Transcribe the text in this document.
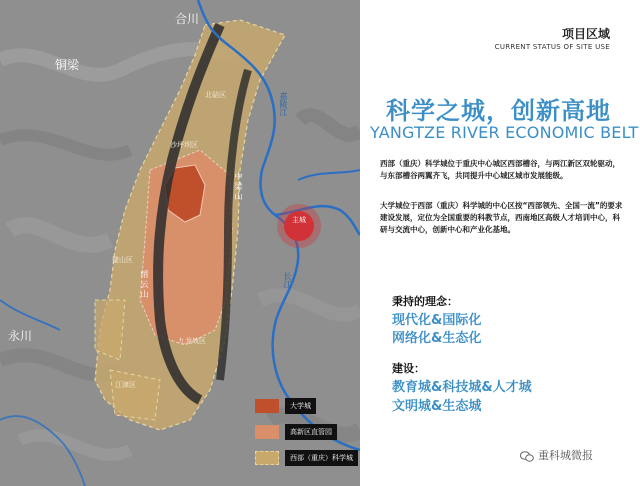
合川
铜梁
永川
嘉陵江
中梁山
长江
缙云山
北碚区
沙坪坝区
璧山区
九龙坡区
江津区
主城
大学城
高新区直管园
西部（重庆）科学城
项目区域
CURRENT STATUS OF SITE USE
科学之城，创新高地
YANGTZE RIVER ECONOMIC BELT
西部（重庆）科学城位于重庆中心城区西部槽谷，与两江新区双轮驱动，与东部槽谷两翼齐飞，共同提升中心城区城市发展能级。
大学城位于西部（重庆）科学城的中心区按“西部领先、全国一流”的要求建设发展，定位为全国重要的科教节点，西南地区高级人才培训中心，科研与交流中心，创新中心和产业化基地。
秉持的理念：
现代化&国际化
网络化&生态化
建设：
教育城&科技城&人才城
文明城&生态城
重科城微报
